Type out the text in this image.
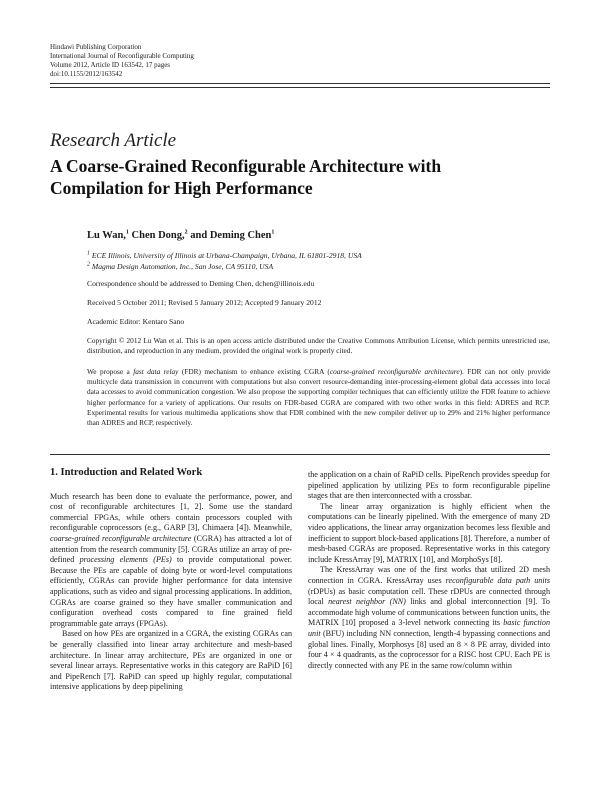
Hindawi Publishing Corporation
International Journal of Reconfigurable Computing
Volume 2012, Article ID 163542, 17 pages
doi:10.1155/2012/163542
Research Article
A Coarse-Grained Reconfigurable Architecture with Compilation for High Performance
Lu Wan,$^1$ Chen Dong,$^2$ and Deming Chen$^1$
$^1$ ECE Illinois, University of Illinois at Urbana-Champaign, Urbana, IL 61801-2918, USA
$^2$ Magma Design Automation, Inc., San Jose, CA 95110, USA
Correspondence should be addressed to Deming Chen, dchen@illinois.edu
Received 5 October 2011; Revised 5 January 2012; Accepted 9 January 2012
Academic Editor: Kentaro Sano
Copyright © 2012 Lu Wan et al. This is an open access article distributed under the Creative Commons Attribution License, which permits unrestricted use, distribution, and reproduction in any medium, provided the original work is properly cited.
We propose a fast data relay (FDR) mechanism to enhance existing CGRA (coarse-grained reconfigurable architecture). FDR can not only provide multicycle data transmission in concurrent with computations but also convert resource-demanding inter-processing-element global data accesses into local data accesses to avoid communication congestion. We also propose the supporting compiler techniques that can efficiently utilize the FDR feature to achieve higher performance for a variety of applications. Our results on FDR-based CGRA are compared with two other works in this field: ADRES and RCP. Experimental results for various multimedia applications show that FDR combined with the new compiler deliver up to 29% and 21% higher performance than ADRES and RCP, respectively.
1. Introduction and Related Work

Much research has been done to evaluate the performance, power, and cost of reconfigurable architectures [1, 2]. Some use the standard commercial FPGAs, while others contain processors coupled with reconfigurable coprocessors (e.g., GARP [3], Chimaera [4]). Meanwhile, coarse-grained reconfigurable architecture (CGRA) has attracted a lot of attention from the research community [5]. CGRAs utilize an array of pre-defined processing elements (PEs) to provide computational power. Because the PEs are capable of doing byte or word-level computations efficiently, CGRAs can provide higher performance for data intensive applications, such as video and signal processing applications. In addition, CGRAs are coarse grained so they have smaller communication and configuration overhead costs compared to fine grained field programmable gate arrays (FPGAs).

Based on how PEs are organized in a CGRA, the existing CGRAs can be generally classified into linear array architecture and mesh-based architecture. In linear array architecture, PEs are organized in one or several linear arrays. Representative works in this category are RaPiD [6] and PipeRench [7]. RaPiD can speed up highly regular, computational intensive applications by deep pipelining

the application on a chain of RaPiD cells. PipeRench provides speedup for pipelined application by utilizing PEs to form reconfigurable pipeline stages that are then interconnected with a crossbar.

The linear array organization is highly efficient when the computations can be linearly pipelined. With the emergence of many 2D video applications, the linear array organization becomes less flexible and inefficient to support block-based applications [8]. Therefore, a number of mesh-based CGRAs are proposed. Representative works in this category include KressArray [9], MATRIX [10], and MorphoSys [8].

The KressArray was one of the first works that utilized 2D mesh connection in CGRA. KressArray uses reconfigurable data path units (rDPUs) as basic computation cell. These rDPUs are connected through local nearest neighbor (NN) links and global interconnection [9]. To accommodate high volume of communications between function units, the MATRIX [10] proposed a 3-level network connecting its basic function unit (BFU) including NN connection, length-4 bypassing connections and global lines. Finally, Morphosys [8] used an 8 × 8 PE array, divided into four 4 × 4 quadrants, as the coprocessor for a RISC host CPU. Each PE is directly connected with any PE in the same row/column within
